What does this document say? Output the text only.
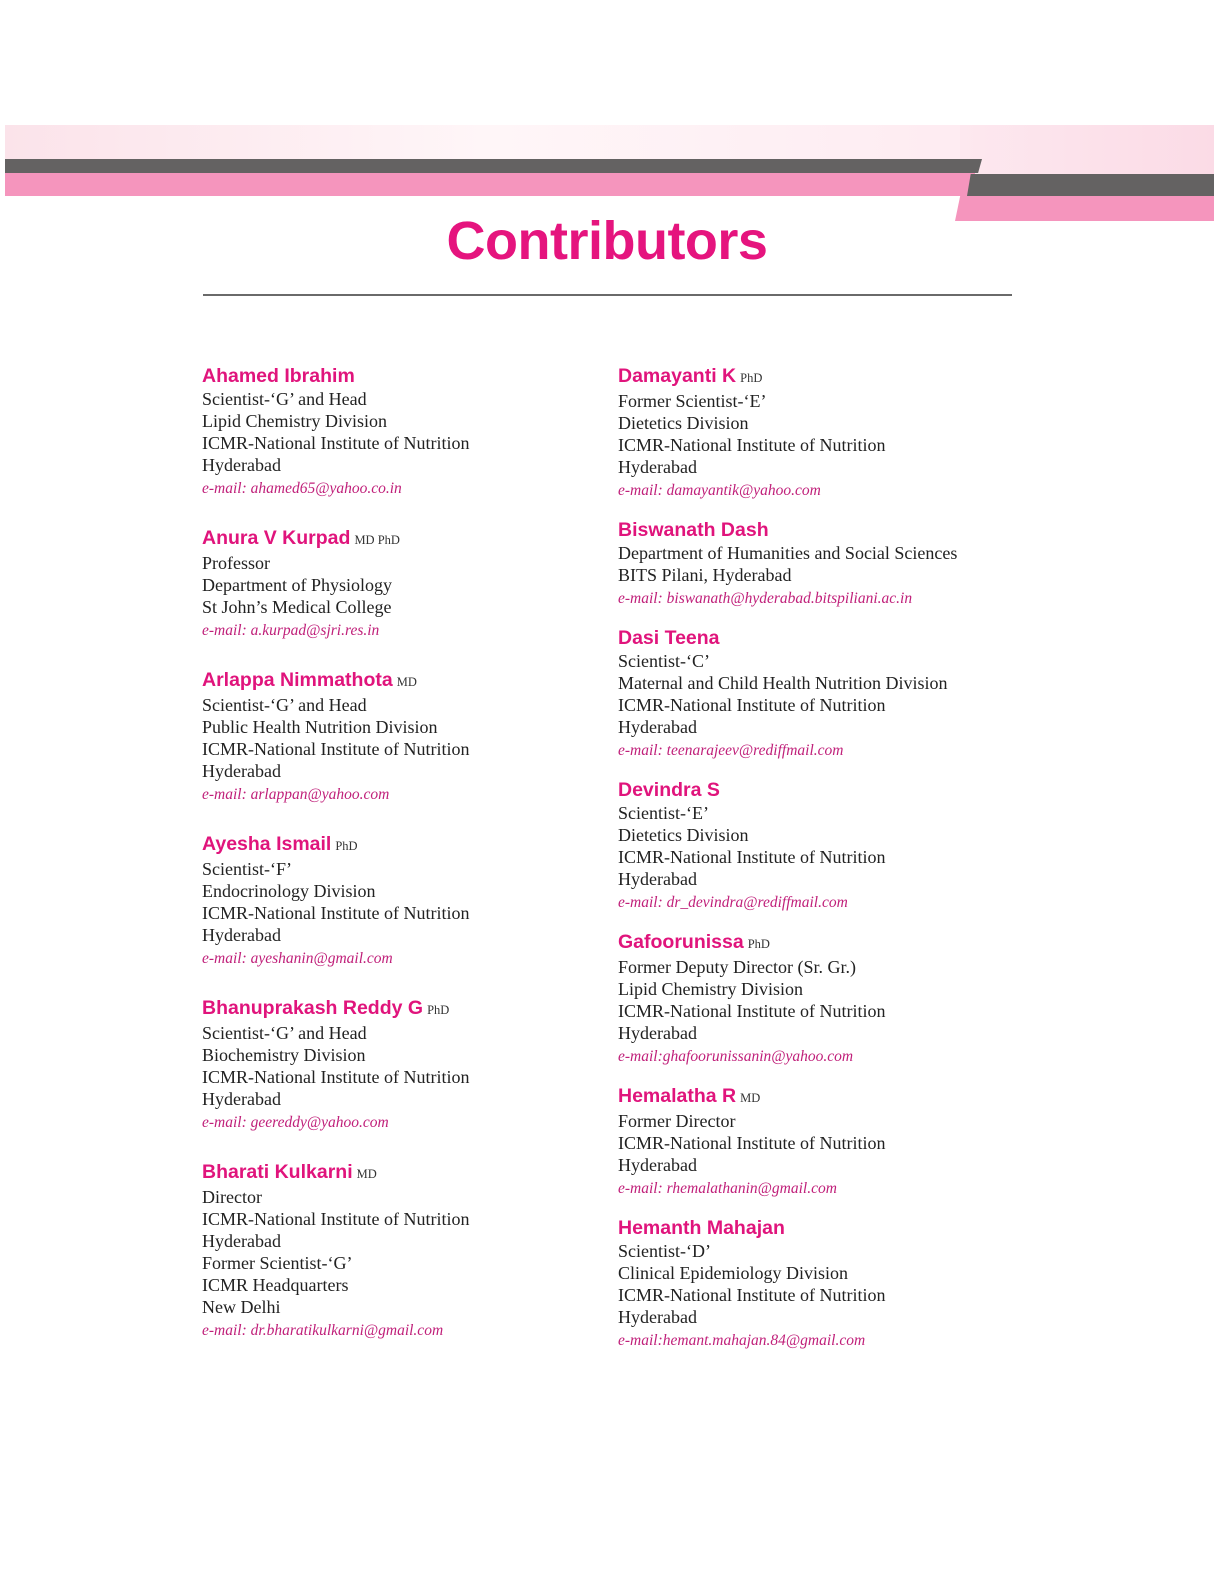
Contributors
Ahamed Ibrahim
Scientist-‘G’ and Head
Lipid Chemistry Division
ICMR-National Institute of Nutrition
Hyderabad
e-mail: ahamed65@yahoo.co.in
Anura V Kurpad MD PhD
Professor
Department of Physiology
St John’s Medical College
e-mail: a.kurpad@sjri.res.in
Arlappa Nimmathota MD
Scientist-‘G’ and Head
Public Health Nutrition Division
ICMR-National Institute of Nutrition
Hyderabad
e-mail: arlappan@yahoo.com
Ayesha Ismail PhD
Scientist-‘F’
Endocrinology Division
ICMR-National Institute of Nutrition
Hyderabad
e-mail: ayeshanin@gmail.com
Bhanuprakash Reddy G PhD
Scientist-‘G’ and Head
Biochemistry Division
ICMR-National Institute of Nutrition
Hyderabad
e-mail: geereddy@yahoo.com
Bharati Kulkarni MD
Director
ICMR-National Institute of Nutrition
Hyderabad
Former Scientist-‘G’
ICMR Headquarters
New Delhi
e-mail: dr.bharatikulkarni@gmail.com
Damayanti K PhD
Former Scientist-‘E’
Dietetics Division
ICMR-National Institute of Nutrition
Hyderabad
e-mail: damayantik@yahoo.com
Biswanath Dash
Department of Humanities and Social Sciences
BITS Pilani, Hyderabad
e-mail: biswanath@hyderabad.bitspiliani.ac.in
Dasi Teena
Scientist-‘C’
Maternal and Child Health Nutrition Division
ICMR-National Institute of Nutrition
Hyderabad
e-mail: teenarajeev@rediffmail.com
Devindra S
Scientist-‘E’
Dietetics Division
ICMR-National Institute of Nutrition
Hyderabad
e-mail: dr_devindra@rediffmail.com
Gafoorunissa PhD
Former Deputy Director (Sr. Gr.)
Lipid Chemistry Division
ICMR-National Institute of Nutrition
Hyderabad
e-mail:ghafoorunissanin@yahoo.com
Hemalatha R MD
Former Director
ICMR-National Institute of Nutrition
Hyderabad
e-mail: rhemalathanin@gmail.com
Hemanth Mahajan
Scientist-‘D’
Clinical Epidemiology Division
ICMR-National Institute of Nutrition
Hyderabad
e-mail:hemant.mahajan.84@gmail.com
